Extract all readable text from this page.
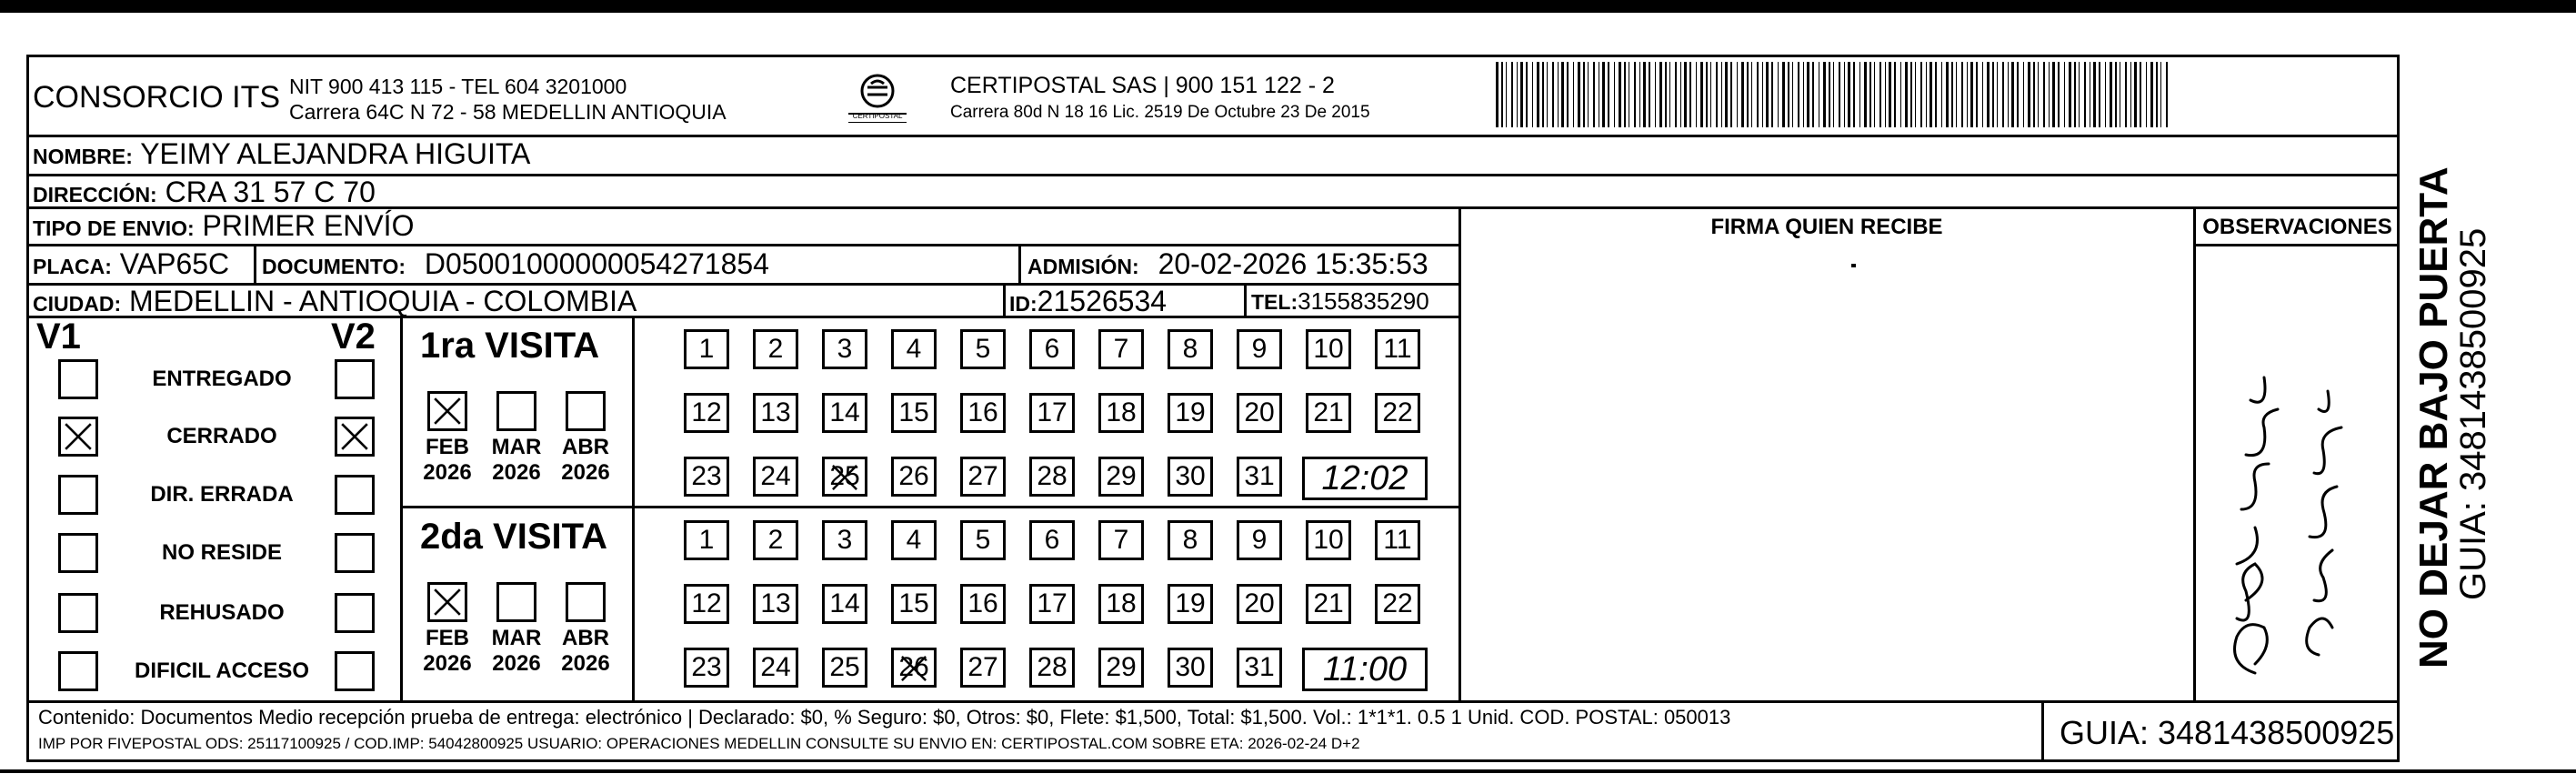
CONSORCIO ITS NIT 900 413 115 - TEL 604 3201000
Carrera 64C N 72 - 58 MEDELLIN ANTIOQUIA	CERTIPOSTAL
CERTIPOSTAL SAS | 900 151 122 - 2
Carrera 80d N 18 16 Lic. 2519 De Octubre 23 De 2015
NOMBRE: YEIMY ALEJANDRA HIGUITA
DIRECCIÓN: CRA 31 57 C 70
TIPO DE ENVIO: PRIMER ENVÍO
PLACA: VAP65C DOCUMENTO: D05001000000054271854	ADMISIÓN: 20-02-2026 15:35:53
CIUDAD: MEDELLIN - ANTIOQUIA - COLOMBIA	ID:21526534	TEL:3155835290
FIRMA QUIEN RECIBE	OBSERVACIONES
V1	V2
ENTREGADO
CERRADO
DIR. ERRADA
NO RESIDE
REHUSADO
DIFICIL ACCESO
1ra VISITA
FEB
2026
MAR
2026
ABR
2026
1	2	3	4	5	6	7	8	9	10	11
12 13 14 15 16 17 18 19 20 21 22
23 24 25 26 27 28 29 30 31	12:02
2da VISITA
FEB
2026
MAR
2026
ABR
2026
1	2	3	4	5	6	7	8	9	10	11
12 13 14 15 16 17 18 19 20 21 22
23 24 25 26 27 28 29 30 31	11:00
Contenido: Documentos Medio recepción prueba de entrega: electrónico | Declarado: $0, % Seguro: $0, Otros: $0, Flete: $1,500, Total: $1,500. Vol.: 1*1*1. 0.5 1 Unid. COD. POSTAL: 050013
IMP POR FIVEPOSTAL ODS: 25117100925 / COD.IMP: 54042800925 USUARIO: OPERACIONES MEDELLIN CONSULTE SU ENVIO EN: CERTIPOSTAL.COM SOBRE ETA: 2026-02-24 D+2	GUIA: 3481438500925
NO DEJAR BAJO PUERTA
GUIA: 3481438500925
